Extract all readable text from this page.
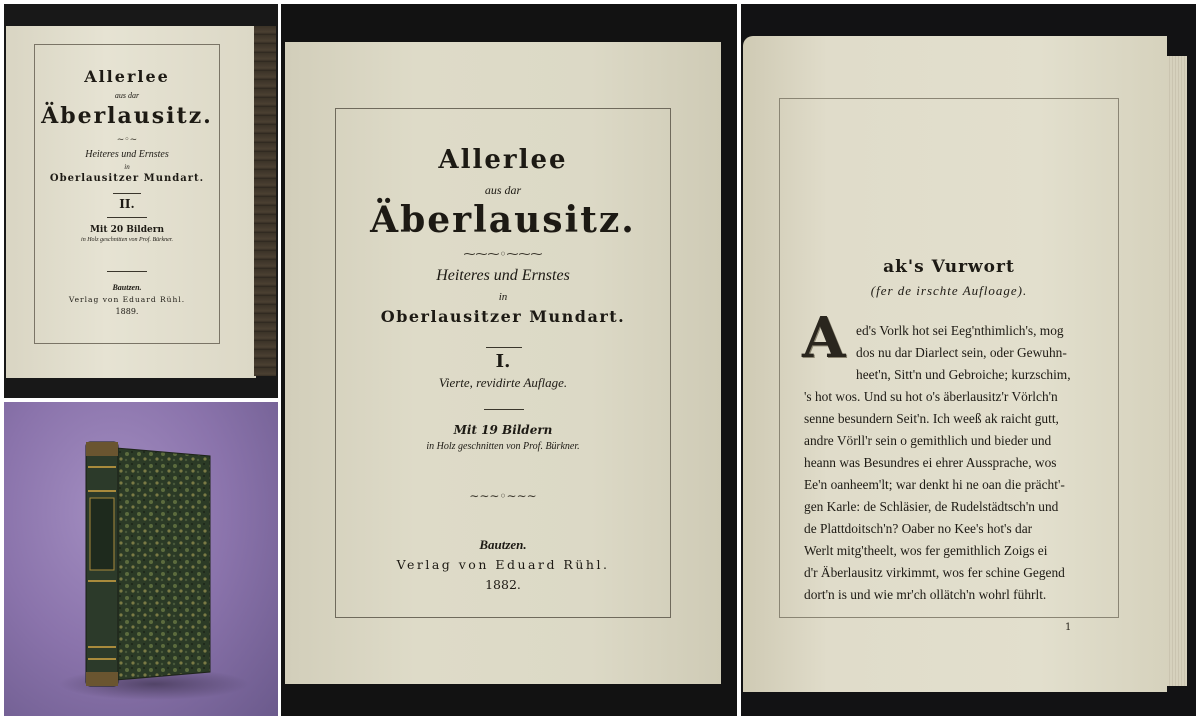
Allerlee
aus dar
Äberlausitz.
~◦~
Heiteres und Ernstes
in
Oberlausitzer Mundart.
II.
Mit 20 Bildern
in Holz geschnitten von Prof. Bürkner.
Bautzen.
Verlag von Eduard Rühl.
1889.
Allerlee
aus dar
Äberlausitz.
⁓⁓⁓◦⁓⁓⁓
Heiteres und Ernstes
in
Oberlausitzer Mundart.
I.
Vierte, revidirte Auflage.
Mit 19 Bildern
in Holz geschnitten von Prof. Bürkner.
∼∼∼◦∼∼∼
Bautzen.
Verlag von Eduard Rühl.
1882.
ak's Vurwort
(fer de irschte Aufloage).
A ed's Vorlk hot sei Eeg'nthimlich's, mog
dos nu dar Diarlect sein, oder Gewuhn-
heet'n, Sitt'n und Gebroiche; kurzschim,
's hot wos. Und su hot o's äberlausitz'r Vörlch'n
senne besundern Seit'n. Ich weeß ak raicht gutt,
andre Vörll'r sein o gemithlich und bieder und
heann was Besundres ei ehrer Aussprache, wos
Ee'n oanheem'lt; war denkt hi ne oan die prächt'-
gen Karle: de Schläsier, de Rudelstädtsch'n und
de Plattdoitsch'n? Oaber no Kee's hot's dar
Werlt mitg'theelt, wos fer gemithlich Zoigs ei
d'r Äberlausitz virkimmt, wos fer schine Gegend
dort'n is und wie mr'ch ollätch'n wohrl führlt.
1
